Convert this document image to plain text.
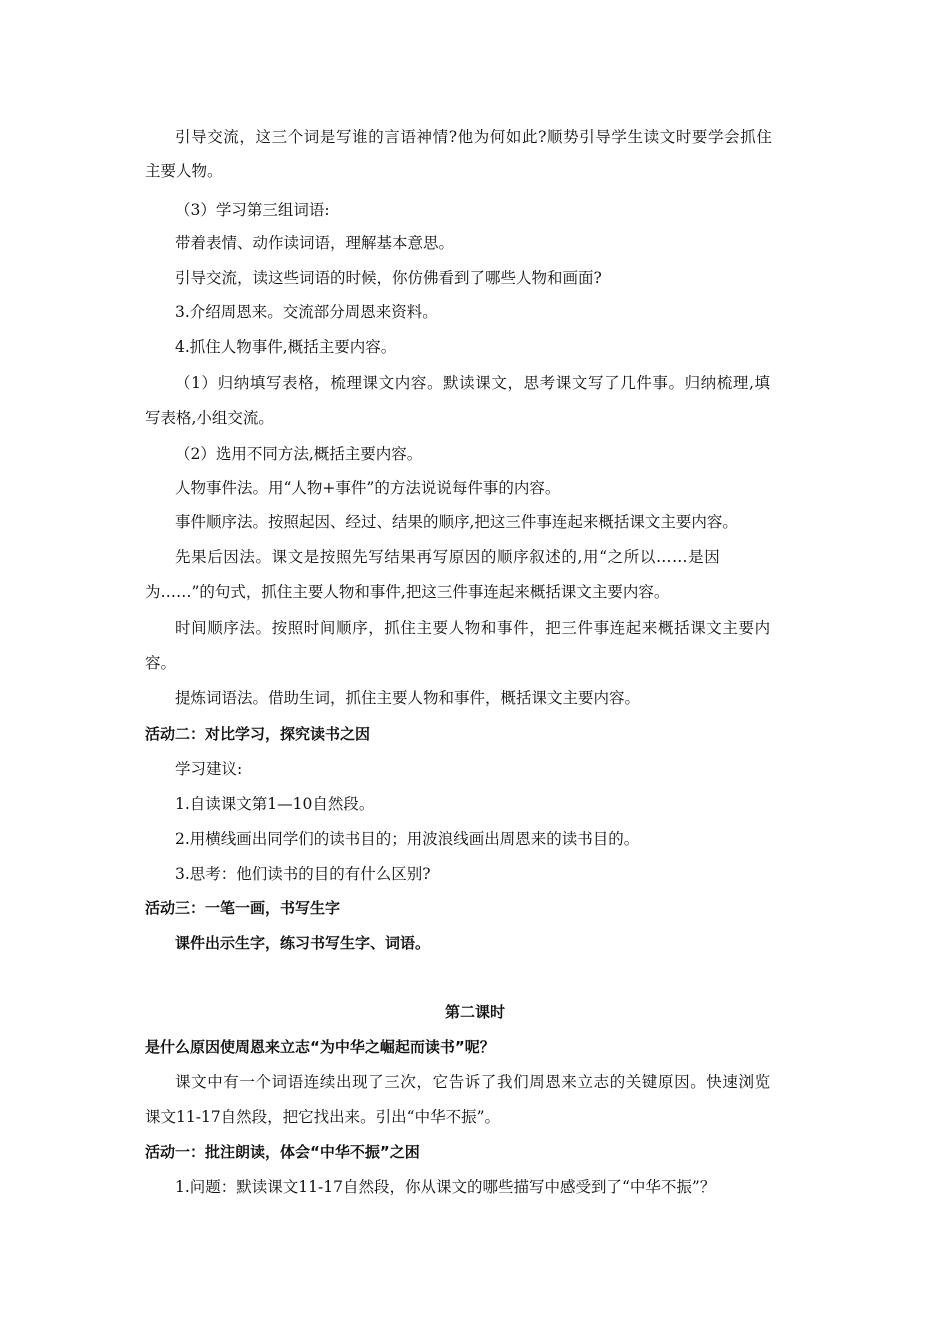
引导交流，这三个词是写谁的言语神情?他为何如此?顺势引导学生读文时要学会抓住
主要人物。
（3）学习第三组词语:
带着表情、动作读词语，理解基本意思。
引导交流，读这些词语的时候，你仿佛看到了哪些人物和画面?
3.介绍周恩来。交流部分周恩来资料。
4.抓住人物事件,概括主要内容。
（1）归纳填写表格，梳理课文内容。默读课文，思考课文写了几件事。归纳梳理,填
写表格,小组交流。
（2）选用不同方法,概括主要内容。
人物事件法。用“人物+事件”的方法说说每件事的内容。
事件顺序法。按照起因、经过、结果的顺序,把这三件事连起来概括课文主要内容。
先果后因法。课文是按照先写结果再写原因的顺序叙述的,用“之所以……是因
为……”的句式，抓住主要人物和事件,把这三件事连起来概括课文主要内容。
时间顺序法。按照时间顺序，抓住主要人物和事件，把三件事连起来概括课文主要内
容。
提炼词语法。借助生词，抓住主要人物和事件，概括课文主要内容。
活动二：对比学习，探究读书之因
学习建议:
1.自读课文第1—10自然段。
2.用横线画出同学们的读书目的；用波浪线画出周恩来的读书目的。
3.思考：他们读书的目的有什么区别?
活动三：一笔一画，书写生字
课件出示生字，练习书写生字、词语。
第二课时
是什么原因使周恩来立志“为中华之崛起而读书”呢？
课文中有一个词语连续出现了三次，它告诉了我们周恩来立志的关键原因。快速浏览
课文11-17自然段，把它找出来。引出“中华不振”。
活动一：批注朗读，体会“中华不振”之困
1.问题：默读课文11-17自然段，你从课文的哪些描写中感受到了“中华不振”？
